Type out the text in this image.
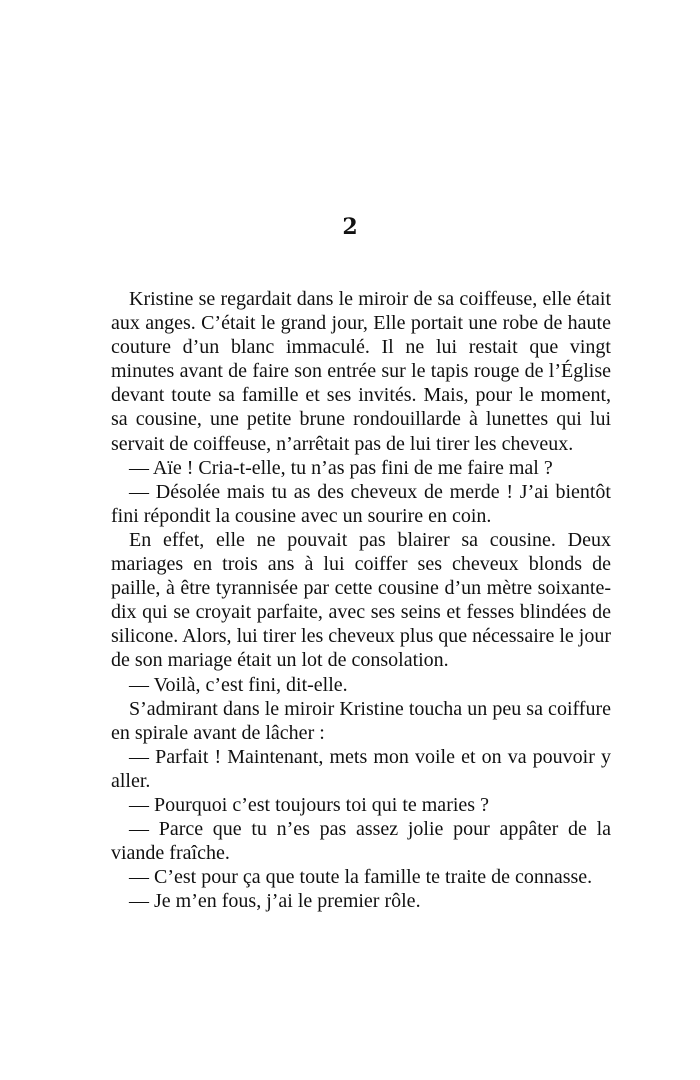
2

Kristine se regardait dans le miroir de sa coiffeuse, elle était aux anges. C’était le grand jour, Elle portait une robe de haute couture d’un blanc immaculé. Il ne lui restait que vingt minutes avant de faire son entrée sur le tapis rouge de l’Église devant toute sa famille et ses invités. Mais, pour le moment, sa cousine, une petite brune rondouillarde à lunettes qui lui servait de coiffeuse, n’arrêtait pas de lui tirer les cheveux.

— Aïe ! Cria-t-elle, tu n’as pas fini de me faire mal ?

— Désolée mais tu as des cheveux de merde ! J’ai bientôt fini répondit la cousine avec un sourire en coin.

En effet, elle ne pouvait pas blairer sa cousine. Deux mariages en trois ans à lui coiffer ses cheveux blonds de paille, à être tyrannisée par cette cousine d’un mètre soixante-dix qui se croyait parfaite, avec ses seins et fesses blindées de silicone. Alors, lui tirer les cheveux plus que nécessaire le jour de son mariage était un lot de consolation.

— Voilà, c’est fini, dit-elle.

S’admirant dans le miroir Kristine toucha un peu sa coiffure en spirale avant de lâcher :

— Parfait ! Maintenant, mets mon voile et on va pouvoir y aller.

— Pourquoi c’est toujours toi qui te maries ?

— Parce que tu n’es pas assez jolie pour appâter de la viande fraîche.

— C’est pour ça que toute la famille te traite de connasse.

— Je m’en fous, j’ai le premier rôle.
